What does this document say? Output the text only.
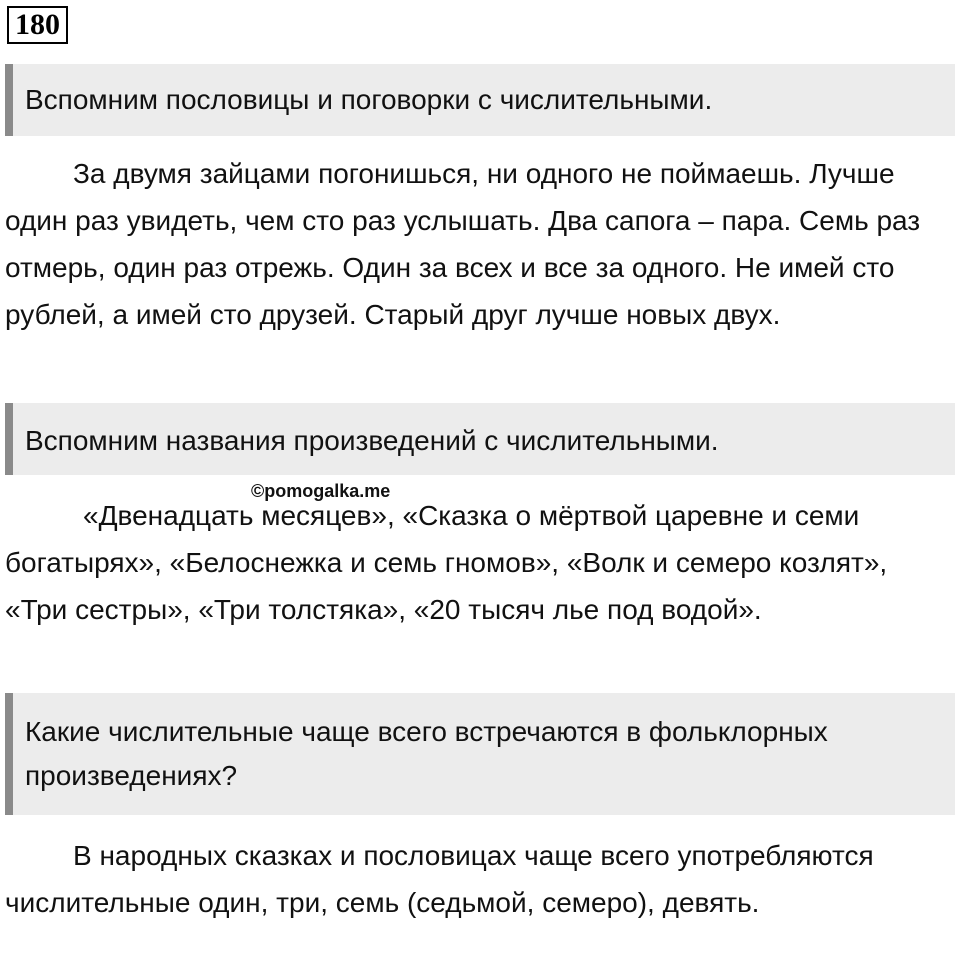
180
Вспомним пословицы и поговорки с числительными.

За двумя зайцами погонишься, ни одного не поймаешь. Лучше один раз увидеть, чем сто раз услышать. Два сапога – пара. Семь раз отмерь, один раз отрежь. Один за всех и все за одного. Не имей сто рублей, а имей сто друзей. Старый друг лучше новых двух.

Вспомним названия произведений с числительными.
©pomogalka.me

«Двенадцать месяцев», «Сказка о мёртвой царевне и семи богатырях», «Белоснежка и семь гномов», «Волк и семеро козлят», «Три сестры», «Три толстяка», «20 тысяч лье под водой».

Какие числительные чаще всего встречаются в фольклорных произведениях?

В народных сказках и пословицах чаще всего употребляются числительные один, три, семь (седьмой, семеро), девять.
